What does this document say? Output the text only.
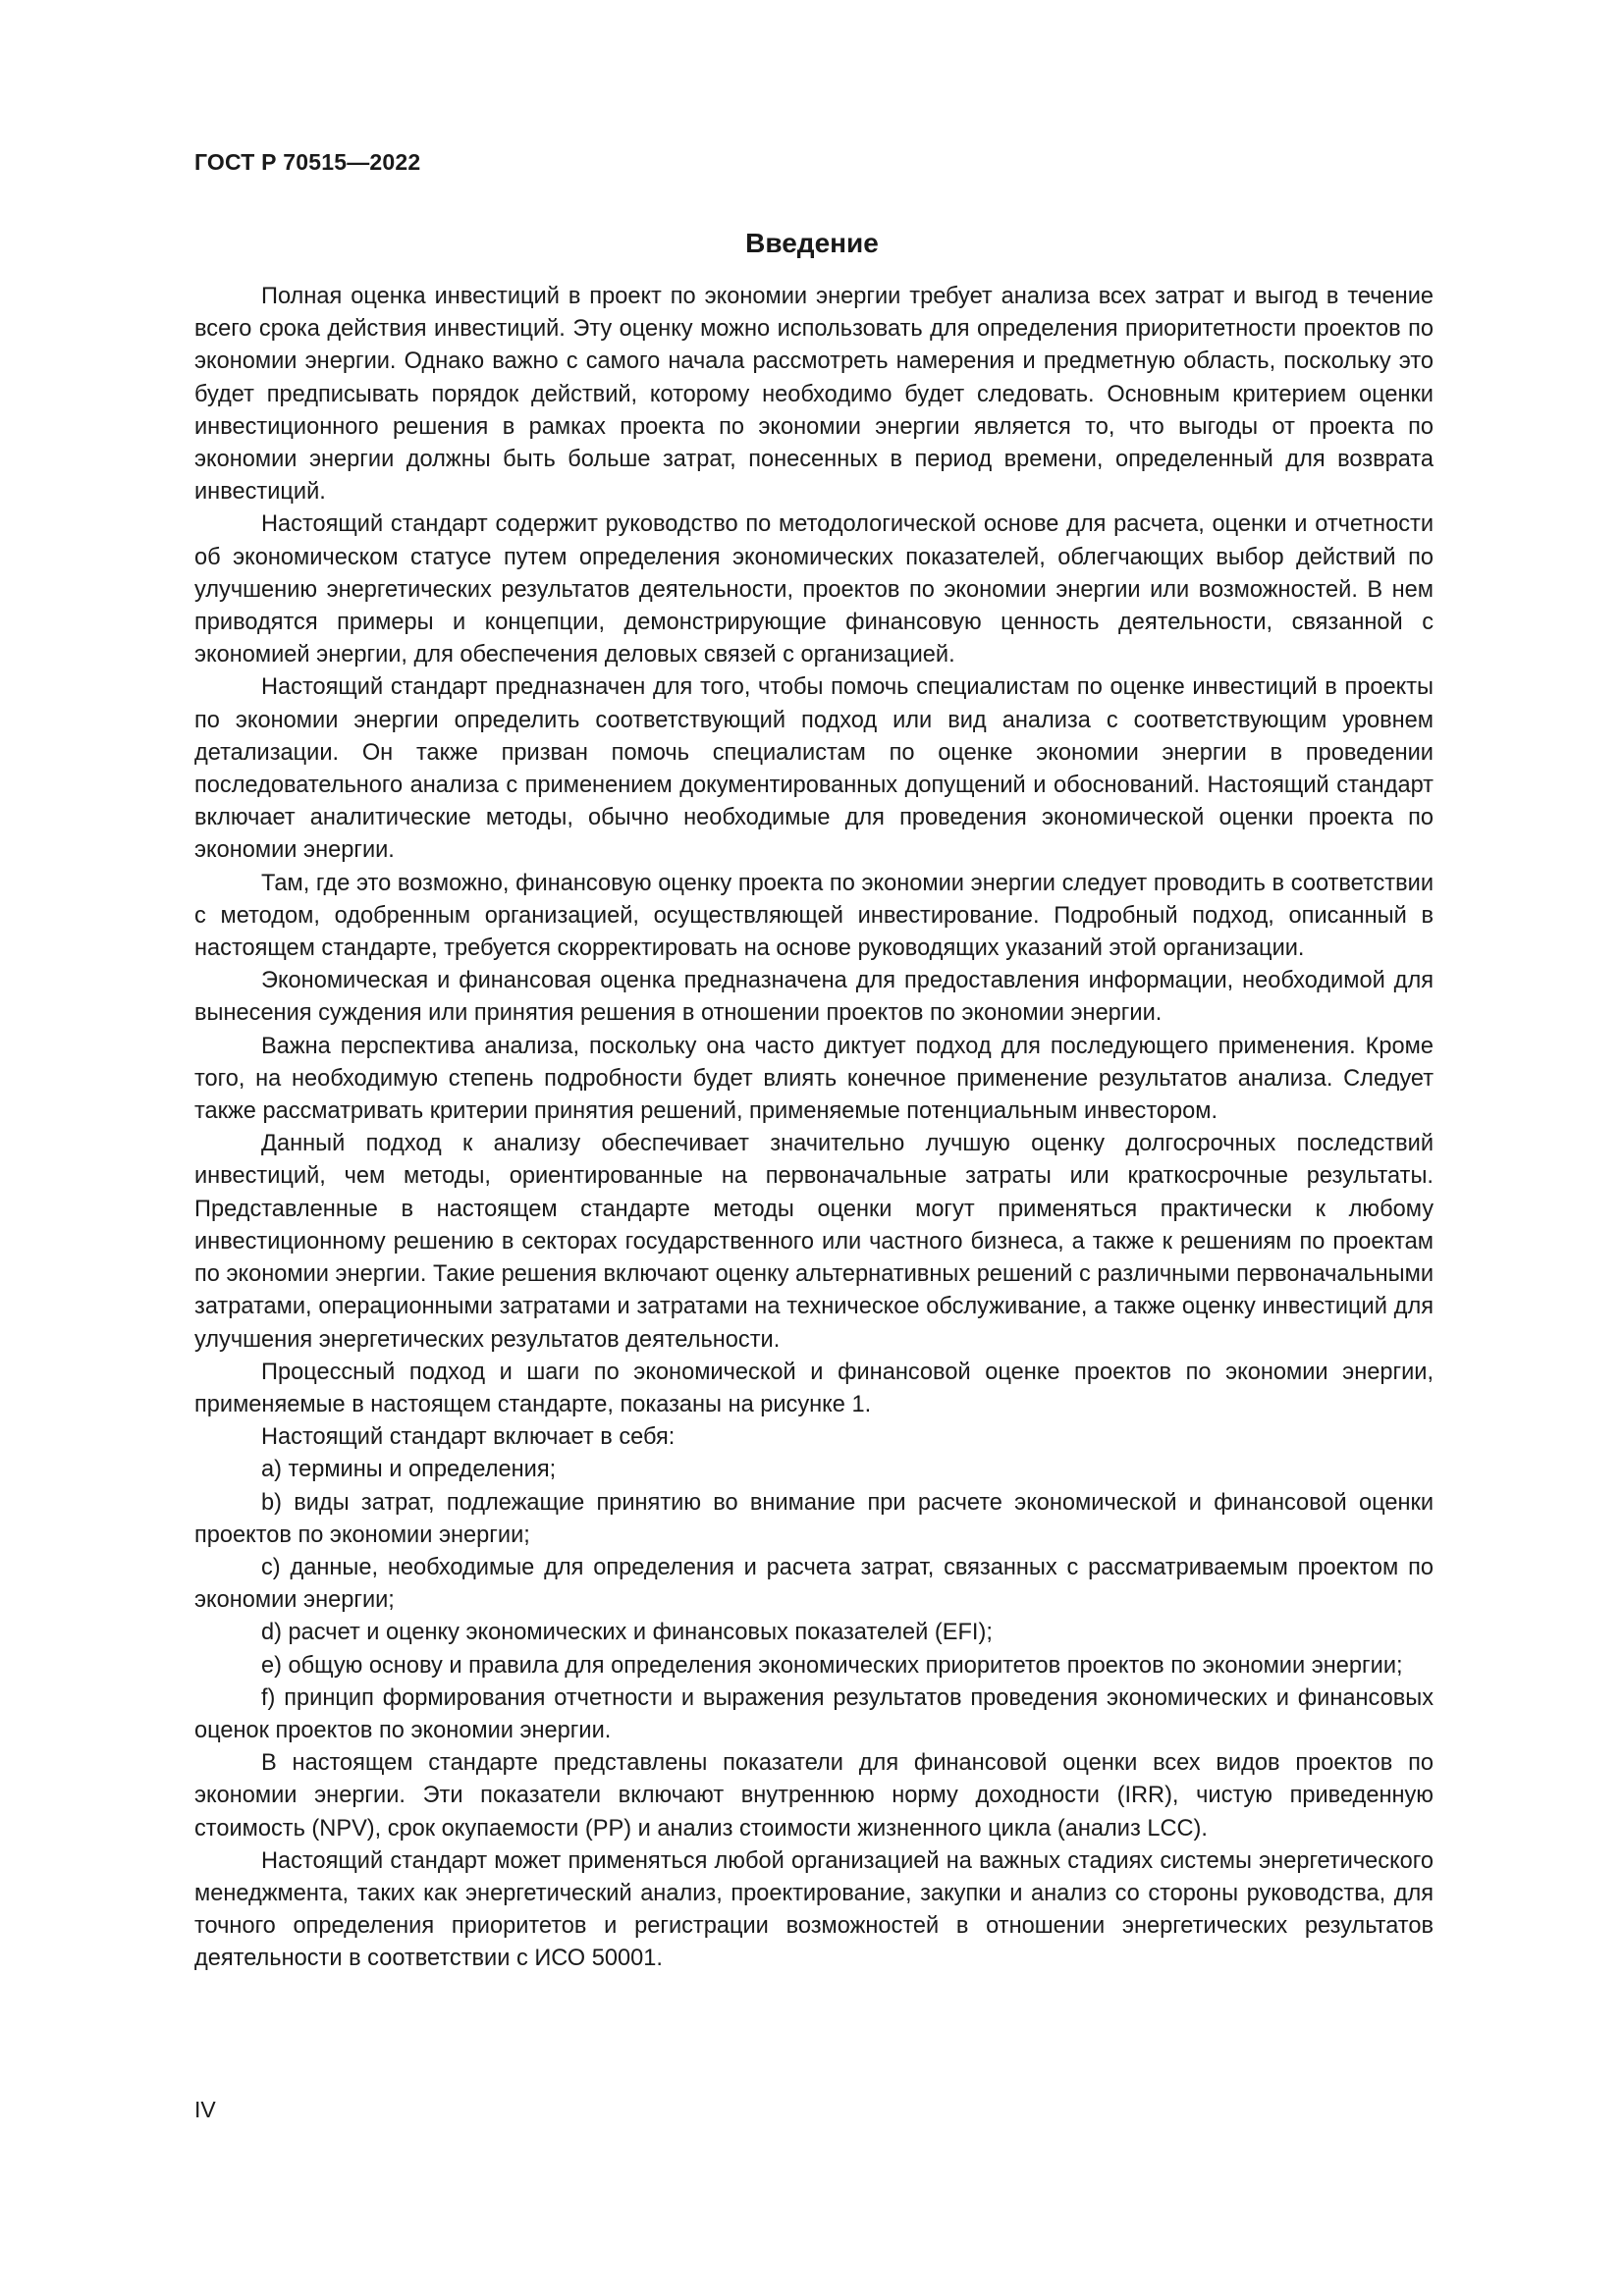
ГОСТ Р 70515—2022
Введение

Полная оценка инвестиций в проект по экономии энергии требует анализа всех затрат и выгод в течение всего срока действия инвестиций. Эту оценку можно использовать для определения приоритетности проектов по экономии энергии. Однако важно с самого начала рассмотреть намерения и предметную область, поскольку это будет предписывать порядок действий, которому необходимо будет следовать. Основным критерием оценки инвестиционного решения в рамках проекта по экономии энергии является то, что выгоды от проекта по экономии энергии должны быть больше затрат, понесенных в период времени, определенный для возврата инвестиций.

Настоящий стандарт содержит руководство по методологической основе для расчета, оценки и отчетности об экономическом статусе путем определения экономических показателей, облегчающих выбор действий по улучшению энергетических результатов деятельности, проектов по экономии энергии или возможностей. В нем приводятся примеры и концепции, демонстрирующие финансовую ценность деятельности, связанной с экономией энергии, для обеспечения деловых связей с организацией.

Настоящий стандарт предназначен для того, чтобы помочь специалистам по оценке инвестиций в проекты по экономии энергии определить соответствующий подход или вид анализа с соответствующим уровнем детализации. Он также призван помочь специалистам по оценке экономии энергии в проведении последовательного анализа с применением документированных допущений и обоснований. Настоящий стандарт включает аналитические методы, обычно необходимые для проведения экономической оценки проекта по экономии энергии.

Там, где это возможно, финансовую оценку проекта по экономии энергии следует проводить в соответствии с методом, одобренным организацией, осуществляющей инвестирование. Подробный подход, описанный в настоящем стандарте, требуется скорректировать на основе руководящих указаний этой организации.

Экономическая и финансовая оценка предназначена для предоставления информации, необходимой для вынесения суждения или принятия решения в отношении проектов по экономии энергии.

Важна перспектива анализа, поскольку она часто диктует подход для последующего применения. Кроме того, на необходимую степень подробности будет влиять конечное применение результатов анализа. Следует также рассматривать критерии принятия решений, применяемые потенциальным инвестором.

Данный подход к анализу обеспечивает значительно лучшую оценку долгосрочных последствий инвестиций, чем методы, ориентированные на первоначальные затраты или краткосрочные результаты. Представленные в настоящем стандарте методы оценки могут применяться практически к любому инвестиционному решению в секторах государственного или частного бизнеса, а также к решениям по проектам по экономии энергии. Такие решения включают оценку альтернативных решений с различными первоначальными затратами, операционными затратами и затратами на техническое обслуживание, а также оценку инвестиций для улучшения энергетических результатов деятельности.

Процессный подход и шаги по экономической и финансовой оценке проектов по экономии энергии, применяемые в настоящем стандарте, показаны на рисунке 1.

Настоящий стандарт включает в себя:

a) термины и определения;

b) виды затрат, подлежащие принятию во внимание при расчете экономической и финансовой оценки проектов по экономии энергии;

c) данные, необходимые для определения и расчета затрат, связанных с рассматриваемым проектом по экономии энергии;

d) расчет и оценку экономических и финансовых показателей (EFI);

e) общую основу и правила для определения экономических приоритетов проектов по экономии энергии;

f) принцип формирования отчетности и выражения результатов проведения экономических и финансовых оценок проектов по экономии энергии.

В настоящем стандарте представлены показатели для финансовой оценки всех видов проектов по экономии энергии. Эти показатели включают внутреннюю норму доходности (IRR), чистую приведенную стоимость (NPV), срок окупаемости (PP) и анализ стоимости жизненного цикла (анализ LCC).

Настоящий стандарт может применяться любой организацией на важных стадиях системы энергетического менеджмента, таких как энергетический анализ, проектирование, закупки и анализ со стороны руководства, для точного определения приоритетов и регистрации возможностей в отношении энергетических результатов деятельности в соответствии с ИСО 50001.

IV
